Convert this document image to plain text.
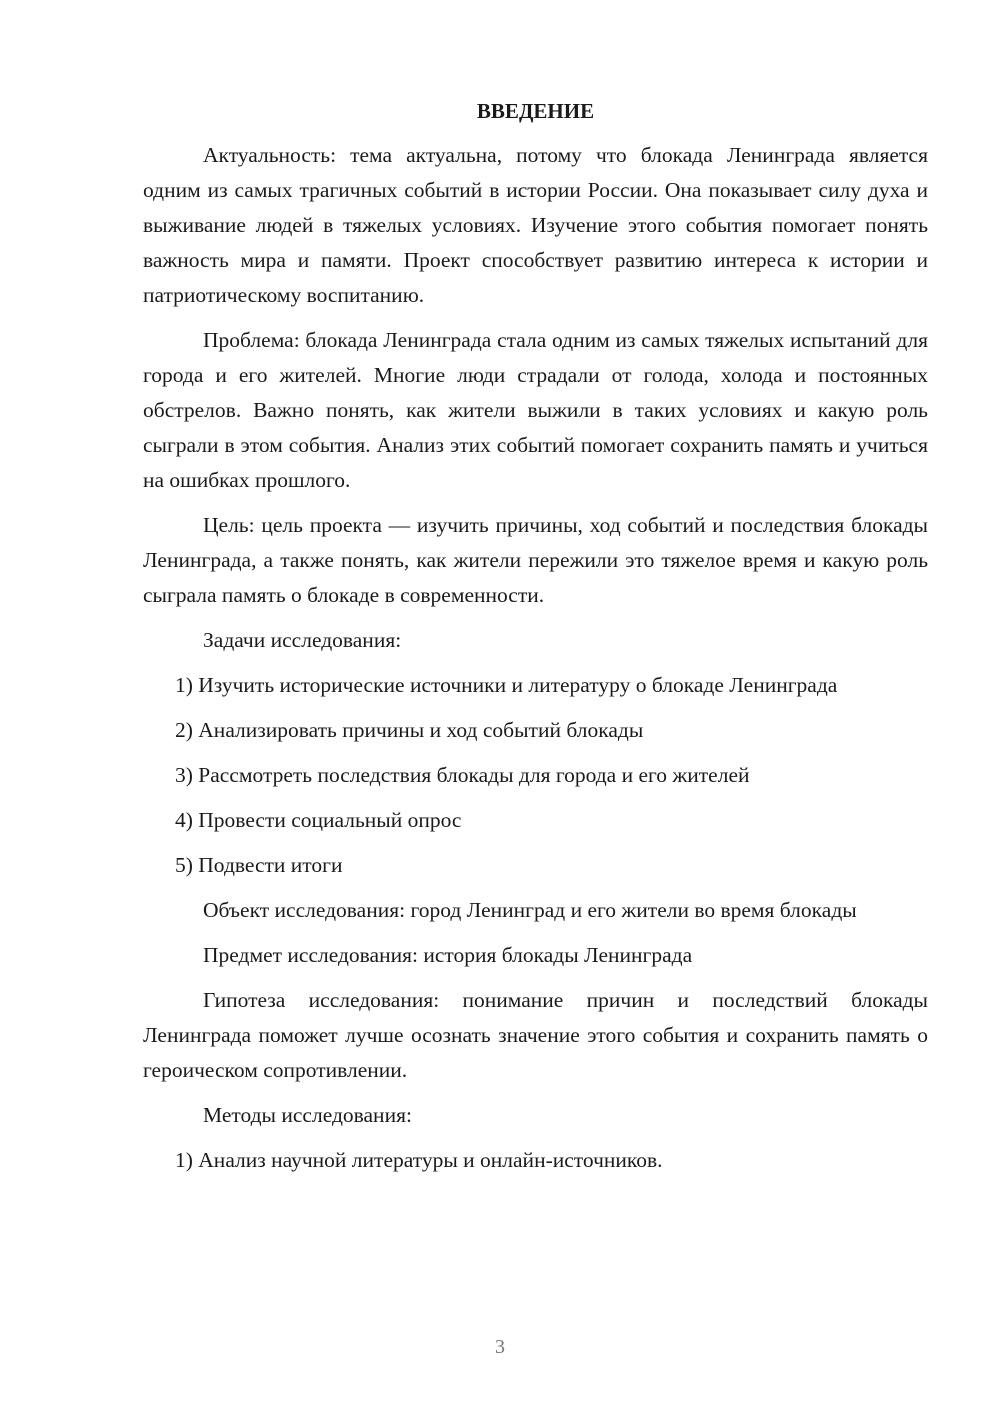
ВВЕДЕНИЕ

Актуальность: тема актуальна, потому что блокада Ленинграда является одним из самых трагичных событий в истории России. Она показывает силу духа и выживание людей в тяжелых условиях. Изучение этого события помогает понять важность мира и памяти. Проект способствует развитию интереса к истории и патриотическому воспитанию.

Проблема: блокада Ленинграда стала одним из самых тяжелых испытаний для города и его жителей. Многие люди страдали от голода, холода и постоянных обстрелов. Важно понять, как жители выжили в таких условиях и какую роль сыграли в этом события. Анализ этих событий помогает сохранить память и учиться на ошибках прошлого.

Цель: цель проекта — изучить причины, ход событий и последствия блокады Ленинграда, а также понять, как жители пережили это тяжелое время и какую роль сыграла память о блокаде в современности.

Задачи исследования:

1) Изучить исторические источники и литературу о блокаде Ленинграда

2) Анализировать причины и ход событий блокады

3) Рассмотреть последствия блокады для города и его жителей

4) Провести социальный опрос

5) Подвести итоги

Объект исследования: город Ленинград и его жители во время блокады

Предмет исследования: история блокады Ленинграда

Гипотеза исследования: понимание причин и последствий блокады Ленинграда поможет лучше осознать значение этого события и сохранить память о героическом сопротивлении.

Методы исследования:

1) Анализ научной литературы и онлайн-источников.

3
